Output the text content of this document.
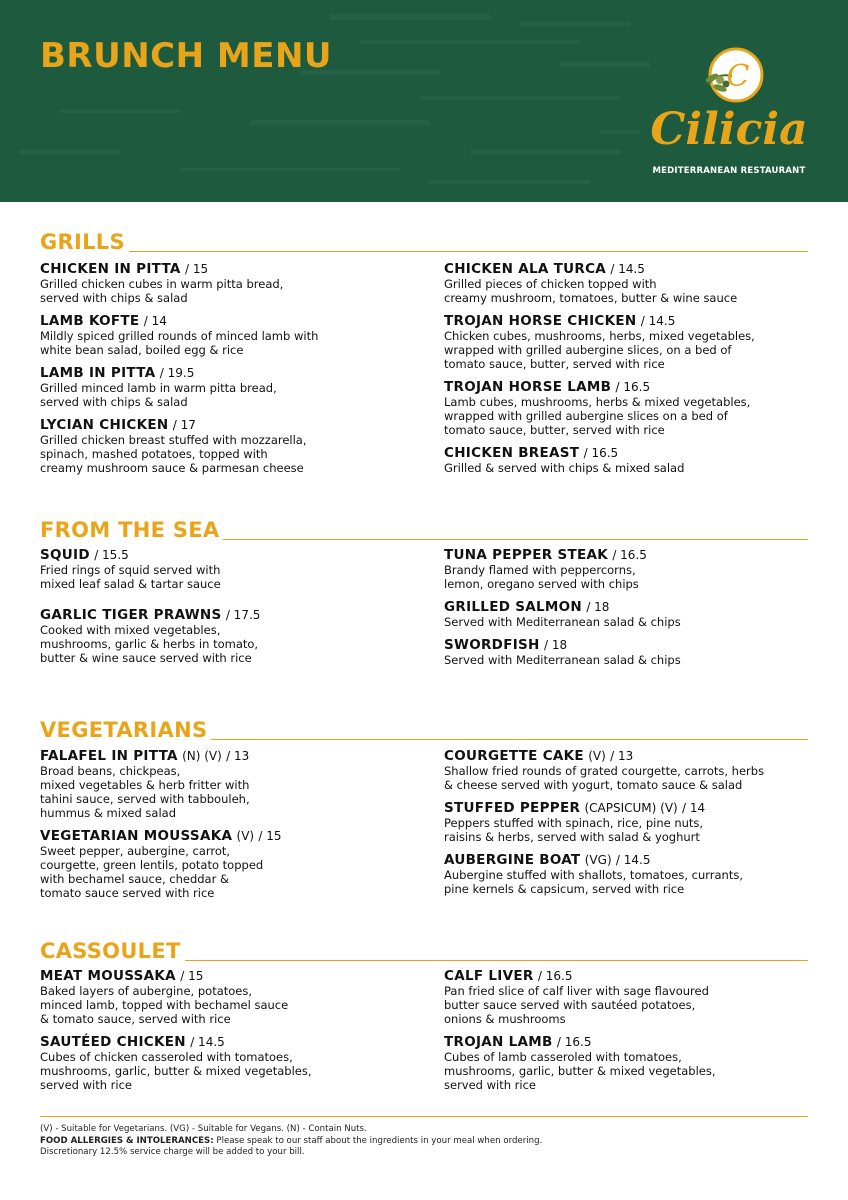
BRUNCH MENU
C
Cilicia
MEDITERRANEAN RESTAURANT
GRILLS
CHICKEN IN PITTA / 15
Grilled chicken cubes in warm pitta bread,
served with chips & salad
LAMB KOFTE / 14
Mildly spiced grilled rounds of minced lamb with
white bean salad, boiled egg & rice
LAMB IN PITTA / 19.5
Grilled minced lamb in warm pitta bread,
served with chips & salad
LYCIAN CHICKEN / 17
Grilled chicken breast stuffed with mozzarella,
spinach, mashed potatoes, topped with
creamy mushroom sauce & parmesan cheese
CHICKEN ALA TURCA / 14.5
Grilled pieces of chicken topped with
creamy mushroom, tomatoes, butter & wine sauce
TROJAN HORSE CHICKEN / 14.5
Chicken cubes, mushrooms, herbs, mixed vegetables,
wrapped with grilled aubergine slices, on a bed of
tomato sauce, butter, served with rice
TROJAN HORSE LAMB / 16.5
Lamb cubes, mushrooms, herbs & mixed vegetables,
wrapped with grilled aubergine slices on a bed of
tomato sauce, butter, served with rice
CHICKEN BREAST / 16.5
Grilled & served with chips & mixed salad
FROM THE SEA
SQUID / 15.5
Fried rings of squid served with
mixed leaf salad & tartar sauce
GARLIC TIGER PRAWNS / 17.5
Cooked with mixed vegetables,
mushrooms, garlic & herbs in tomato,
butter & wine sauce served with rice
TUNA PEPPER STEAK / 16.5
Brandy flamed with peppercorns,
lemon, oregano served with chips
GRILLED SALMON / 18
Served with Mediterranean salad & chips
SWORDFISH / 18
Served with Mediterranean salad & chips
VEGETARIANS
FALAFEL IN PITTA (N) (V) / 13
Broad beans, chickpeas,
mixed vegetables & herb fritter with
tahini sauce, served with tabbouleh,
hummus & mixed salad
VEGETARIAN MOUSSAKA (V) / 15
Sweet pepper, aubergine, carrot,
courgette, green lentils, potato topped
with bechamel sauce, cheddar &
tomato sauce served with rice
COURGETTE CAKE (V) / 13
Shallow fried rounds of grated courgette, carrots, herbs
& cheese served with yogurt, tomato sauce & salad
STUFFED PEPPER (CAPSICUM) (V) / 14
Peppers stuffed with spinach, rice, pine nuts,
raisins & herbs, served with salad & yoghurt
AUBERGINE BOAT (VG) / 14.5
Aubergine stuffed with shallots, tomatoes, currants,
pine kernels & capsicum, served with rice
CASSOULET
MEAT MOUSSAKA / 15
Baked layers of aubergine, potatoes,
minced lamb, topped with bechamel sauce
& tomato sauce, served with rice
SAUTÉED CHICKEN / 14.5
Cubes of chicken casseroled with tomatoes,
mushrooms, garlic, butter & mixed vegetables,
served with rice
CALF LIVER / 16.5
Pan fried slice of calf liver with sage flavoured
butter sauce served with sautéed potatoes,
onions & mushrooms
TROJAN LAMB / 16.5
Cubes of lamb casseroled with tomatoes,
mushrooms, garlic, butter & mixed vegetables,
served with rice
(V) - Suitable for Vegetarians. (VG) - Suitable for Vegans. (N) - Contain Nuts.
FOOD ALLERGIES & INTOLERANCES: Please speak to our staff about the ingredients in your meal when ordering.
Discretionary 12.5% service charge will be added to your bill.
